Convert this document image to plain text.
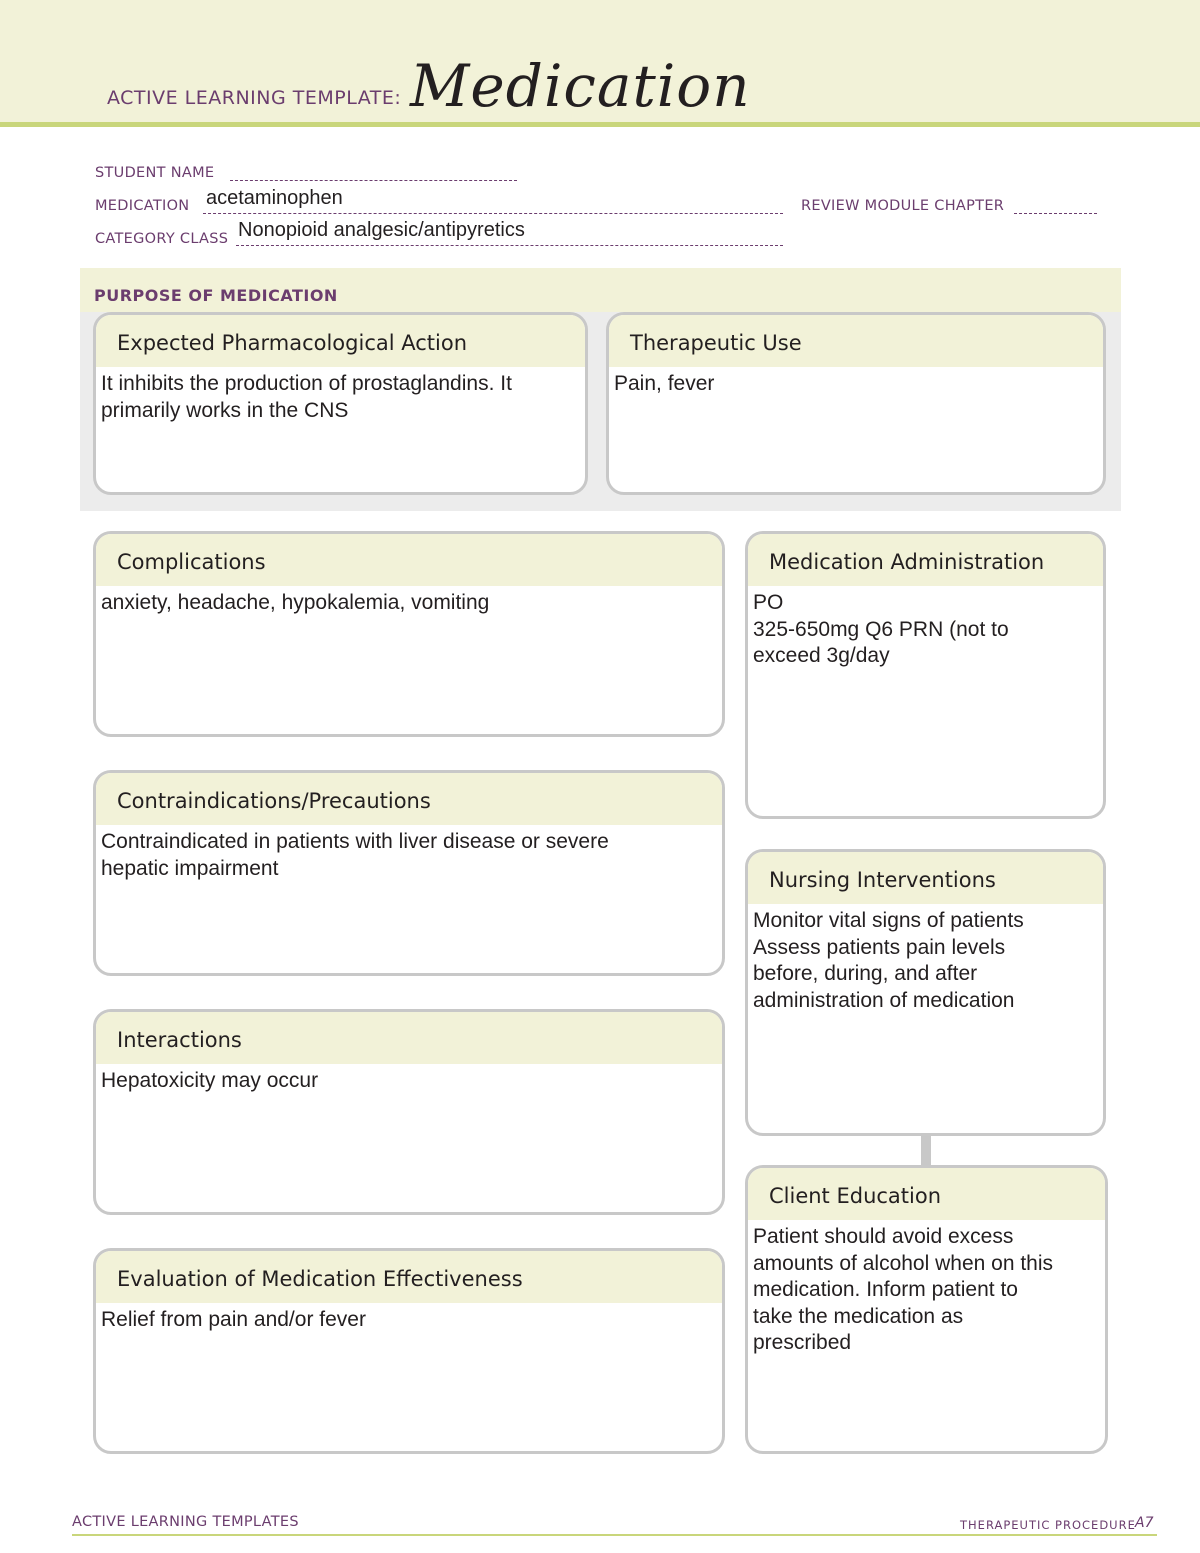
ACTIVE LEARNING TEMPLATE: Medication
STUDENT NAME
MEDICATION acetaminophen	REVIEW MODULE CHAPTER
CATEGORY CLASS Nonopioid analgesic/antipyretics
PURPOSE OF MEDICATION
Expected Pharmacological Action
It inhibits the production of prostaglandins. It
primarily works in the CNS
Therapeutic Use
Pain, fever
Complications
anxiety, headache, hypokalemia, vomiting
Contraindications/Precautions
Contraindicated in patients with liver disease or severe
hepatic impairment
Interactions
Hepatoxicity may occur
Evaluation of Medication Effectiveness
Relief from pain and/or fever
Medication Administration
PO
325-650mg Q6 PRN (not to
exceed 3g/day
Nursing Interventions
Monitor vital signs of patients
Assess patients pain levels
before, during, and after
administration of medication
Client Education
Patient should avoid excess
amounts of alcohol when on this
medication. Inform patient to
take the medication as
prescribed
ACTIVE LEARNING TEMPLATES	THERAPEUTIC PROCEDURE A7
